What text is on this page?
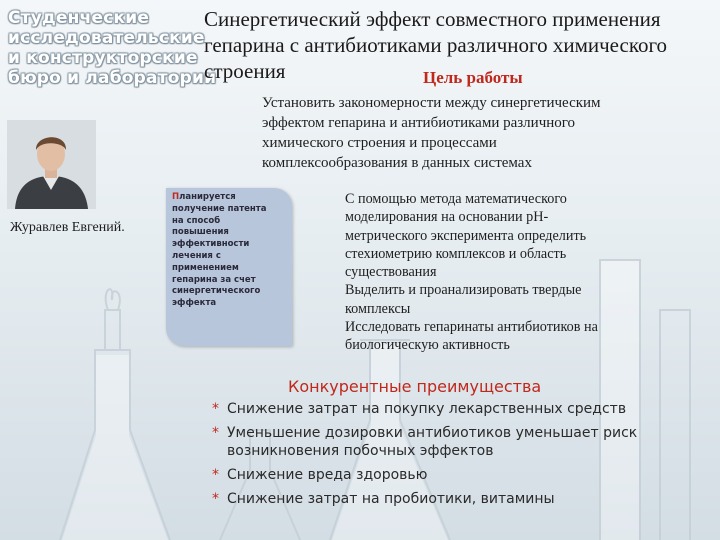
Студенческие
исследовательские
и конструкторские
бюро и лаборатории
Синергетический эффект совместного применения
гепарина с антибиотиками различного химического
строения	Цель работы
Установить закономерности между синергетическим
эффектом гепарина и антибиотиками различного
химического строения и процессами
комплексообразования в данных системах
Журавлев Евгений.
Планируется
получение патента
на способ
повышения
эффективности
лечения с
применением
гепарина за счет
синергетического
эффекта
С помощью метода математического
моделирования на основании рН-
метрического эксперимента определить
стехиометрию комплексов и область
существования
Выделить и проанализировать твердые
комплексы
Исследовать гепаринаты антибиотиков на
биологическую активность
Конкурентные преимущества
* Снижение затрат на покупку лекарственных средств
* Уменьшение дозировки антибиотиков уменьшает риск возникновения побочных эффектов
* Снижение вреда здоровью
* Снижение затрат на пробиотики, витамины
